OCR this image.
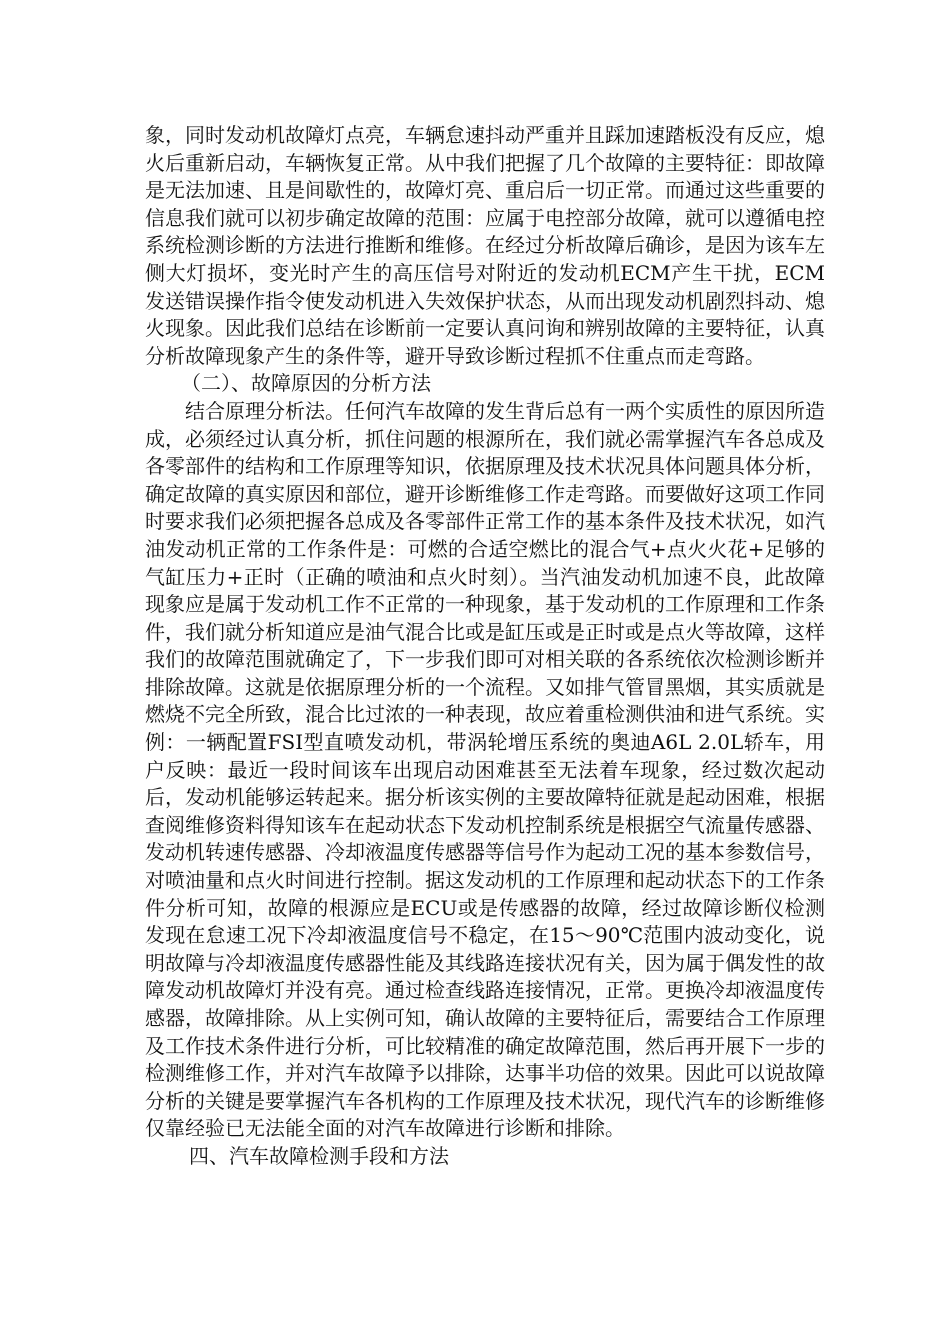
象，同时发动机故障灯点亮，车辆怠速抖动严重并且踩加速踏板没有反应，熄火后重新启动，车辆恢复正常。从中我们把握了几个故障的主要特征：即故障是无法加速、且是间歇性的，故障灯亮、重启后一切正常。而通过这些重要的信息我们就可以初步确定故障的范围：应属于电控部分故障，就可以遵循电控系统检测诊断的方法进行推断和维修。在经过分析故障后确诊，是因为该车左侧大灯损坏，变光时产生的高压信号对附近的发动机ECM产生干扰，ECM发送错误操作指令使发动机进入失效保护状态，从而出现发动机剧烈抖动、熄火现象。因此我们总结在诊断前一定要认真问询和辨别故障的主要特征，认真分析故障现象产生的条件等，避开导致诊断过程抓不住重点而走弯路。

（二）、故障原因的分析方法

结合原理分析法。任何汽车故障的发生背后总有一两个实质性的原因所造成，必须经过认真分析，抓住问题的根源所在，我们就必需掌握汽车各总成及各零部件的结构和工作原理等知识，依据原理及技术状况具体问题具体分析，确定故障的真实原因和部位，避开诊断维修工作走弯路。而要做好这项工作同时要求我们必须把握各总成及各零部件正常工作的基本条件及技术状况，如汽油发动机正常的工作条件是：可燃的合适空燃比的混合气+点火火花+足够的气缸压力+正时（正确的喷油和点火时刻）。当汽油发动机加速不良，此故障现象应是属于发动机工作不正常的一种现象，基于发动机的工作原理和工作条件，我们就分析知道应是油气混合比或是缸压或是正时或是点火等故障，这样我们的故障范围就确定了，下一步我们即可对相关联的各系统依次检测诊断并排除故障。这就是依据原理分析的一个流程。又如排气管冒黑烟，其实质就是燃烧不完全所致，混合比过浓的一种表现，故应着重检测供油和进气系统。实例：一辆配置FSI型直喷发动机，带涡轮增压系统的奥迪A6L 2.0L轿车，用户反映：最近一段时间该车出现启动困难甚至无法着车现象，经过数次起动后，发动机能够运转起来。据分析该实例的主要故障特征就是起动困难，根据查阅维修资料得知该车在起动状态下发动机控制系统是根据空气流量传感器、发动机转速传感器、冷却液温度传感器等信号作为起动工况的基本参数信号，对喷油量和点火时间进行控制。据这发动机的工作原理和起动状态下的工作条件分析可知，故障的根源应是ECU或是传感器的故障，经过故障诊断仪检测发现在怠速工况下冷却液温度信号不稳定，在15～90℃范围内波动变化，说明故障与冷却液温度传感器性能及其线路连接状况有关，因为属于偶发性的故障发动机故障灯并没有亮。通过检查线路连接情况，正常。更换冷却液温度传感器，故障排除。从上实例可知，确认故障的主要特征后，需要结合工作原理及工作技术条件进行分析，可比较精准的确定故障范围，然后再开展下一步的检测维修工作，并对汽车故障予以排除，达事半功倍的效果。因此可以说故障分析的关键是要掌握汽车各机构的工作原理及技术状况，现代汽车的诊断维修仅靠经验已无法能全面的对汽车故障进行诊断和排除。

四、汽车故障检测手段和方法
